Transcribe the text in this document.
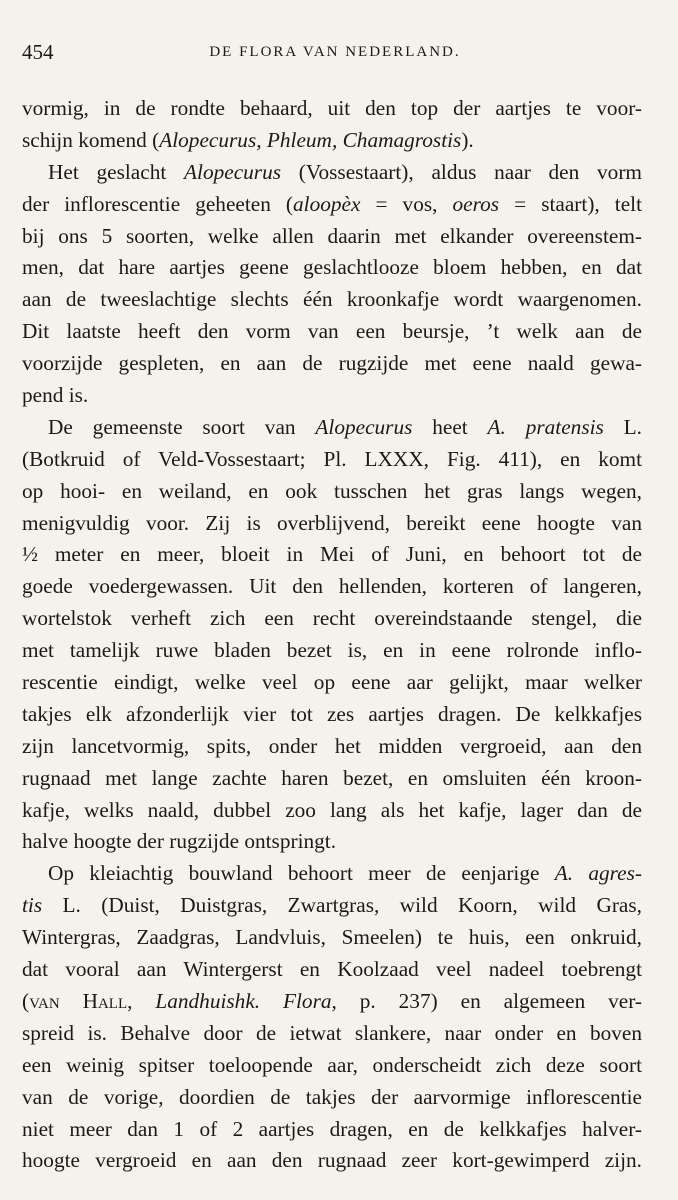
454	DE FLORA VAN NEDERLAND.
vormig, in de rondte behaard, uit den top der aartjes te voor-
schijn komend (Alopecurus, Phleum, Chamagrostis).
Het geslacht Alopecurus (Vossestaart), aldus naar den vorm
der inflorescentie geheeten (aloopèx = vos, oeros = staart), telt
bij ons 5 soorten, welke allen daarin met elkander overeenstem-
men, dat hare aartjes geene geslachtlooze bloem hebben, en dat
aan de tweeslachtige slechts één kroonkafje wordt waargenomen.
Dit laatste heeft den vorm van een beursje, ’t welk aan de
voorzijde gespleten, en aan de rugzijde met eene naald gewa-
pend is.
De gemeenste soort van Alopecurus heet A. pratensis L.
(Botkruid of Veld-Vossestaart; Pl. LXXX, Fig. 411), en komt
op hooi- en weiland, en ook tusschen het gras langs wegen,
menigvuldig voor. Zij is overblijvend, bereikt eene hoogte van
½ meter en meer, bloeit in Mei of Juni, en behoort tot de
goede voedergewassen. Uit den hellenden, korteren of langeren,
wortelstok verheft zich een recht overeindstaande stengel, die
met tamelijk ruwe bladen bezet is, en in eene rolronde inflo-
rescentie eindigt, welke veel op eene aar gelijkt, maar welker
takjes elk afzonderlijk vier tot zes aartjes dragen. De kelkkafjes
zijn lancetvormig, spits, onder het midden vergroeid, aan den
rugnaad met lange zachte haren bezet, en omsluiten één kroon-
kafje, welks naald, dubbel zoo lang als het kafje, lager dan de
halve hoogte der rugzijde ontspringt.
Op kleiachtig bouwland behoort meer de eenjarige A. agres-
tis L. (Duist, Duistgras, Zwartgras, wild Koorn, wild Gras,
Wintergras, Zaadgras, Landvluis, Smeelen) te huis, een onkruid,
dat vooral aan Wintergerst en Koolzaad veel nadeel toebrengt
(van Hall, Landhuishk. Flora, p. 237) en algemeen ver-
spreid is. Behalve door de ietwat slankere, naar onder en boven
een weinig spitser toeloopende aar, onderscheidt zich deze soort
van de vorige, doordien de takjes der aarvormige inflorescentie
niet meer dan 1 of 2 aartjes dragen, en de kelkkafjes halver-
hoogte vergroeid en aan den rugnaad zeer kort-gewimperd zijn.
